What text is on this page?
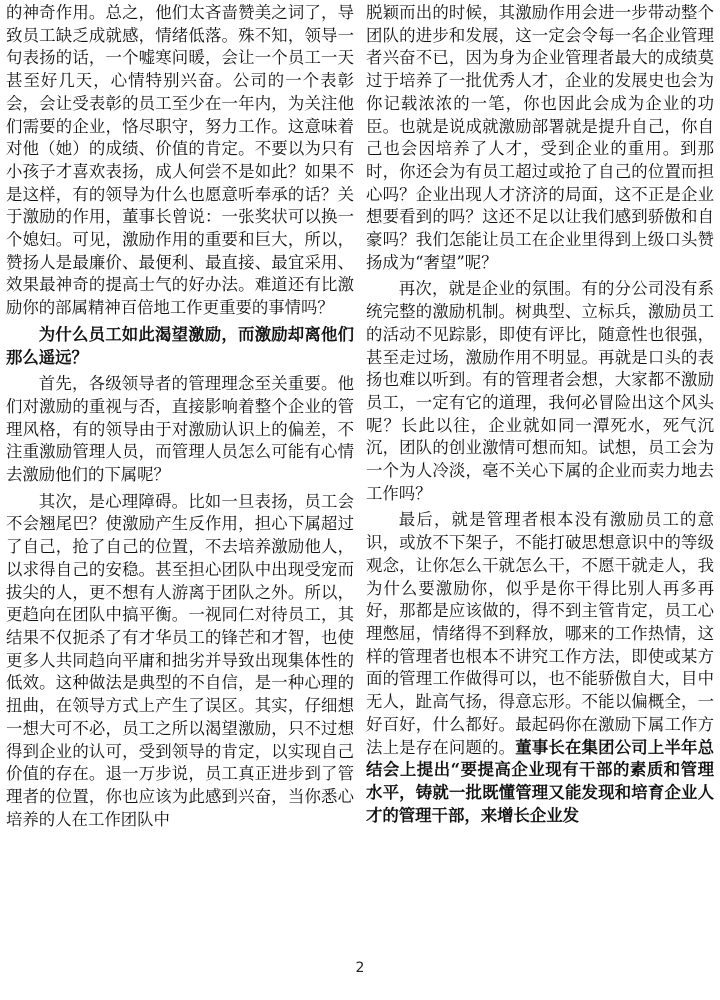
的神奇作用。总之，他们太吝啬赞美之词了，导致员工缺乏成就感，情绪低落。殊不知，领导一句表扬的话，一个嘘寒问暖，会让一个员工一天甚至好几天，心情特别兴奋。公司的一个表彰会，会让受表彰的员工至少在一年内，为关注他们需要的企业，恪尽职守，努力工作。这意味着对他（她）的成绩、价值的肯定。不要以为只有小孩子才喜欢表扬，成人何尝不是如此？如果不是这样，有的领导为什么也愿意听奉承的话？关于激励的作用，董事长曾说：一张奖状可以换一个媳妇。可见，激励作用的重要和巨大，所以，赞扬人是最廉价、最便利、最直接、最宜采用、效果最神奇的提高士气的好办法。难道还有比激励你的部属精神百倍地工作更重要的事情吗？

为什么员工如此渴望激励，而激励却离他们那么遥远？

首先，各级领导者的管理理念至关重要。他们对激励的重视与否，直接影响着整个企业的管理风格，有的领导由于对激励认识上的偏差，不注重激励管理人员，而管理人员怎么可能有心情去激励他们的下属呢？

其次，是心理障碍。比如一旦表扬，员工会不会翘尾巴？使激励产生反作用，担心下属超过了自己，抢了自己的位置，不去培养激励他人，以求得自己的安稳。甚至担心团队中出现受宠而拔尖的人，更不想有人游离于团队之外。所以，更趋向在团队中搞平衡。一视同仁对待员工，其结果不仅扼杀了有才华员工的锋芒和才智，也使更多人共同趋向平庸和拙劣并导致出现集体性的低效。这种做法是典型的不自信，是一种心理的扭曲，在领导方式上产生了误区。其实，仔细想一想大可不必，员工之所以渴望激励，只不过想得到企业的认可，受到领导的肯定，以实现自己价值的存在。退一万步说，员工真正进步到了管理者的位置，你也应该为此感到兴奋，当你悉心培养的人在工作团队中

脱颖而出的时候，其激励作用会进一步带动整个团队的进步和发展，这一定会令每一名企业管理者兴奋不已，因为身为企业管理者最大的成绩莫过于培养了一批优秀人才，企业的发展史也会为你记载浓浓的一笔，你也因此会成为企业的功臣。也就是说成就激励部署就是提升自己，你自己也会因培养了人才，受到企业的重用。到那时，你还会为有员工超过或抢了自己的位置而担心吗？企业出现人才济济的局面，这不正是企业想要看到的吗？这还不足以让我们感到骄傲和自豪吗？我们怎能让员工在企业里得到上级口头赞扬成为“奢望”呢？

再次，就是企业的氛围。有的分公司没有系统完整的激励机制。树典型、立标兵，激励员工的活动不见踪影，即使有评比，随意性也很强，甚至走过场，激励作用不明显。再就是口头的表扬也难以听到。有的管理者会想，大家都不激励员工，一定有它的道理，我何必冒险出这个风头呢？长此以往，企业就如同一潭死水，死气沉沉，团队的创业激情可想而知。试想，员工会为一个为人冷淡，毫不关心下属的企业而卖力地去工作吗？

最后，就是管理者根本没有激励员工的意识，或放不下架子，不能打破思想意识中的等级观念，让你怎么干就怎么干，不愿干就走人，我为什么要激励你，似乎是你干得比别人再多再好，那都是应该做的，得不到主管肯定，员工心理憋屈，情绪得不到释放，哪来的工作热情，这样的管理者也根本不讲究工作方法，即使或某方面的管理工作做得可以，也不能骄傲自大，目中无人，趾高气扬，得意忘形。不能以偏概全，一好百好，什么都好。最起码你在激励下属工作方法上是存在问题的。董事长在集团公司上半年总结会上提出“要提高企业现有干部的素质和管理水平，铸就一批既懂管理又能发现和培育企业人才的管理干部，来增长企业发

2
